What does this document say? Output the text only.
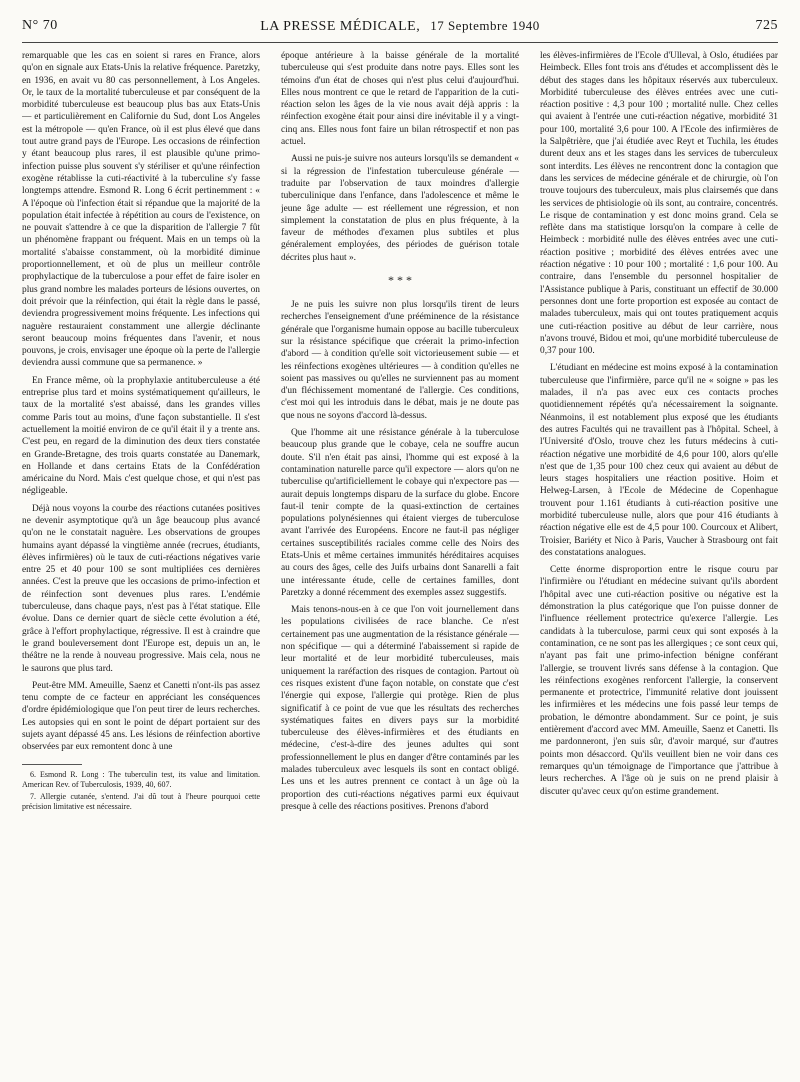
N° 70	LA PRESSE MÉDICALE, 17 Septembre 1940	725

remarquable que les cas en soient si rares en France, alors qu'on en signale aux Etats-Unis la relative fréquence. Paretzky, en 1936, en avait vu 80 cas personnellement, à Los Angeles. Or, le taux de la mortalité tuberculeuse et par conséquent de la morbidité tuberculeuse est beaucoup plus bas aux Etats-Unis — et particulièrement en Californie du Sud, dont Los Angeles est la métropole — qu'en France, où il est plus élevé que dans tout autre grand pays de l'Europe. Les occasions de réinfection y étant beaucoup plus rares, il est plausible qu'une primo-infection puisse plus souvent s'y stériliser et qu'une réinfection exogène rétablisse la cuti-réactivité à la tuberculine s'y fasse longtemps attendre. Esmond R. Long 6 écrit pertinemment : « A l'époque où l'infection était si répandue que la majorité de la population était infectée à répétition au cours de l'existence, on ne pouvait s'attendre à ce que la disparition de l'allergie 7 fût un phénomène frappant ou fréquent. Mais en un temps où la mortalité s'abaisse constamment, où la morbidité diminue proportionnellement, et où de plus un meilleur contrôle prophylactique de la tuberculose a pour effet de faire isoler en plus grand nombre les malades porteurs de lésions ouvertes, on doit prévoir que la réinfection, qui était la règle dans le passé, deviendra progressivement moins fréquente. Les infections qui naguère restauraient constamment une allergie déclinante seront beaucoup moins fréquentes dans l'avenir, et nous pouvons, je crois, envisager une époque où la perte de l'allergie deviendra aussi commune que sa permanence. »

En France même, où la prophylaxie antituberculeuse a été entreprise plus tard et moins systématiquement qu'ailleurs, le taux de la mortalité s'est abaissé, dans les grandes villes comme Paris tout au moins, d'une façon substantielle. Il s'est actuellement la moitié environ de ce qu'il était il y a trente ans. C'est peu, en regard de la diminution des deux tiers constatée en Grande-Bretagne, des trois quarts constatée au Danemark, en Hollande et dans certains Etats de la Confédération américaine du Nord. Mais c'est quelque chose, et qui n'est pas négligeable.

Déjà nous voyons la courbe des réactions cutanées positives ne devenir asymptotique qu'à un âge beaucoup plus avancé qu'on ne le constatait naguère. Les observations de groupes humains ayant dépassé la vingtième année (recrues, étudiants, élèves infirmières) où le taux de cuti-réactions négatives varie entre 25 et 40 pour 100 se sont multipliées ces dernières années. C'est la preuve que les occasions de primo-infection et de réinfection sont devenues plus rares. L'endémie tuberculeuse, dans chaque pays, n'est pas à l'état statique. Elle évolue. Dans ce dernier quart de siècle cette évolution a été, grâce à l'effort prophylactique, régressive. Il est à craindre que le grand bouleversement dont l'Europe est, depuis un an, le théâtre ne la rende à nouveau progressive. Mais cela, nous ne le saurons que plus tard.

Peut-être MM. Ameuille, Saenz et Canetti n'ont-ils pas assez tenu compte de ce facteur en appréciant les conséquences d'ordre épidémiologique que l'on peut tirer de leurs recherches. Les autopsies qui en sont le point de départ portaient sur des sujets ayant dépassé 45 ans. Les lésions de réinfection abortive observées par eux remontent donc à une

6. Esmond R. Long : The tuberculin test, its value and limitation. American Rev. of Tuberculosis, 1939, 40, 607.

7. Allergie cutanée, s'entend. J'ai dû tout à l'heure pourquoi cette précision limitative est nécessaire.

époque antérieure à la baisse générale de la mortalité tuberculeuse qui s'est produite dans notre pays. Elles sont les témoins d'un état de choses qui n'est plus celui d'aujourd'hui. Elles nous montrent ce que le retard de l'apparition de la cuti-réaction selon les âges de la vie nous avait déjà appris : la réinfection exogène était pour ainsi dire inévitable il y a vingt-cinq ans. Elles nous font faire un bilan rétrospectif et non pas actuel.

Aussi ne puis-je suivre nos auteurs lorsqu'ils se demandent « si la régression de l'infestation tuberculeuse générale — traduite par l'observation de taux moindres d'allergie tuberculinique dans l'enfance, dans l'adolescence et même le jeune âge adulte — est réellement une régression, et non simplement la constatation de plus en plus fréquente, à la faveur de méthodes d'examen plus subtiles et plus généralement employées, des périodes de guérison totale décrites plus haut ».

* * *

Je ne puis les suivre non plus lorsqu'ils tirent de leurs recherches l'enseignement d'une prééminence de la résistance générale que l'organisme humain oppose au bacille tuberculeux sur la résistance spécifique que créerait la primo-infection d'abord — à condition qu'elle soit victorieusement subie — et les réinfections exogènes ultérieures — à condition qu'elles ne soient pas massives ou qu'elles ne surviennent pas au moment d'un fléchissement momentané de l'allergie. Ces conditions, c'est moi qui les introduis dans le débat, mais je ne doute pas que nous ne soyons d'accord là-dessus.

Que l'homme ait une résistance générale à la tuberculose beaucoup plus grande que le cobaye, cela ne souffre aucun doute. S'il n'en était pas ainsi, l'homme qui est exposé à la contamination naturelle parce qu'il expectore — alors qu'on ne tuberculise qu'artificiellement le cobaye qui n'expectore pas — aurait depuis longtemps disparu de la surface du globe. Encore faut-il tenir compte de la quasi-extinction de certaines populations polynésiennes qui étaient vierges de tuberculose avant l'arrivée des Européens. Encore ne faut-il pas négliger certaines susceptibilités raciales comme celle des Noirs des Etats-Unis et même certaines immunités héréditaires acquises au cours des âges, celle des Juifs urbains dont Sanarelli a fait une intéressante étude, celle de certaines familles, dont Paretzky a donné récemment des exemples assez suggestifs.

Mais tenons-nous-en à ce que l'on voit journellement dans les populations civilisées de race blanche. Ce n'est certainement pas une augmentation de la résistance générale — non spécifique — qui a déterminé l'abaissement si rapide de leur mortalité et de leur morbidité tuberculeuses, mais uniquement la raréfaction des risques de contagion. Partout où ces risques existent d'une façon notable, on constate que c'est l'énergie qui expose, l'allergie qui protège. Rien de plus significatif à ce point de vue que les résultats des recherches systématiques faites en divers pays sur la morbidité tuberculeuse des élèves-infirmières et des étudiants en médecine, c'est-à-dire des jeunes adultes qui sont professionnellement le plus en danger d'être contaminés par les malades tuberculeux avec lesquels ils sont en contact obligé. Les uns et les autres prennent ce contact à un âge où la proportion des cuti-réactions négatives parmi eux équivaut presque à celle des réactions positives. Prenons d'abord

les élèves-infirmières de l'Ecole d'Ulleval, à Oslo, étudiées par Heimbeck. Elles font trois ans d'études et accomplissent dès le début des stages dans les hôpitaux réservés aux tuberculeux. Morbidité tuberculeuse des élèves entrées avec une cuti-réaction positive : 4,3 pour 100 ; mortalité nulle. Chez celles qui avaient à l'entrée une cuti-réaction négative, morbidité 31 pour 100, mortalité 3,6 pour 100. A l'Ecole des infirmières de la Salpêtrière, que j'ai étudiée avec Reyt et Tuchila, les études durent deux ans et les stages dans les services de tuberculeux sont interdits. Les élèves ne rencontrent donc la contagion que dans les services de médecine générale et de chirurgie, où l'on trouve toujours des tuberculeux, mais plus clairsemés que dans les services de phtisiologie où ils sont, au contraire, concentrés. Le risque de contamination y est donc moins grand. Cela se reflète dans ma statistique lorsqu'on la compare à celle de Heimbeck : morbidité nulle des élèves entrées avec une cuti-réaction positive ; morbidité des élèves entrées avec une réaction négative : 10 pour 100 ; mortalité : 1,6 pour 100. Au contraire, dans l'ensemble du personnel hospitalier de l'Assistance publique à Paris, constituant un effectif de 30.000 personnes dont une forte proportion est exposée au contact de malades tuberculeux, mais qui ont toutes pratiquement acquis une cuti-réaction positive au début de leur carrière, nous n'avons trouvé, Bidou et moi, qu'une morbidité tuberculeuse de 0,37 pour 100.

L'étudiant en médecine est moins exposé à la contamination tuberculeuse que l'infirmière, parce qu'il ne « soigne » pas les malades, il n'a pas avec eux ces contacts proches quotidiennement répétés qu'a nécessairement la soignante. Néanmoins, il est notablement plus exposé que les étudiants des autres Facultés qui ne travaillent pas à l'hôpital. Scheel, à l'Université d'Oslo, trouve chez les futurs médecins à cuti-réaction négative une morbidité de 4,6 pour 100, alors qu'elle n'est que de 1,35 pour 100 chez ceux qui avaient au début de leurs stages hospitaliers une réaction positive. Hoim et Helweg-Larsen, à l'Ecole de Médecine de Copenhague trouvent pour 1.161 étudiants à cuti-réaction positive une morbidité tuberculeuse nulle, alors que pour 416 étudiants à réaction négative elle est de 4,5 pour 100. Courcoux et Alibert, Troisier, Bariéty et Nico à Paris, Vaucher à Strasbourg ont fait des constatations analogues.

Cette énorme disproportion entre le risque couru par l'infirmière ou l'étudiant en médecine suivant qu'ils abordent l'hôpital avec une cuti-réaction positive ou négative est la démonstration la plus catégorique que l'on puisse donner de l'influence réellement protectrice qu'exerce l'allergie. Les candidats à la tuberculose, parmi ceux qui sont exposés à la contamination, ce ne sont pas les allergiques ; ce sont ceux qui, n'ayant pas fait une primo-infection bénigne conférant l'allergie, se trouvent livrés sans défense à la contagion. Que les réinfections exogènes renforcent l'allergie, la conservent permanente et protectrice, l'immunité relative dont jouissent les infirmières et les médecins une fois passé leur temps de probation, le démontre abondamment. Sur ce point, je suis entièrement d'accord avec MM. Ameuille, Saenz et Canetti. Ils me pardonneront, j'en suis sûr, d'avoir marqué, sur d'autres points mon désaccord. Qu'ils veuillent bien ne voir dans ces remarques qu'un témoignage de l'importance que j'attribue à leurs recherches. A l'âge où je suis on ne prend plaisir à discuter qu'avec ceux qu'on estime grandement.
